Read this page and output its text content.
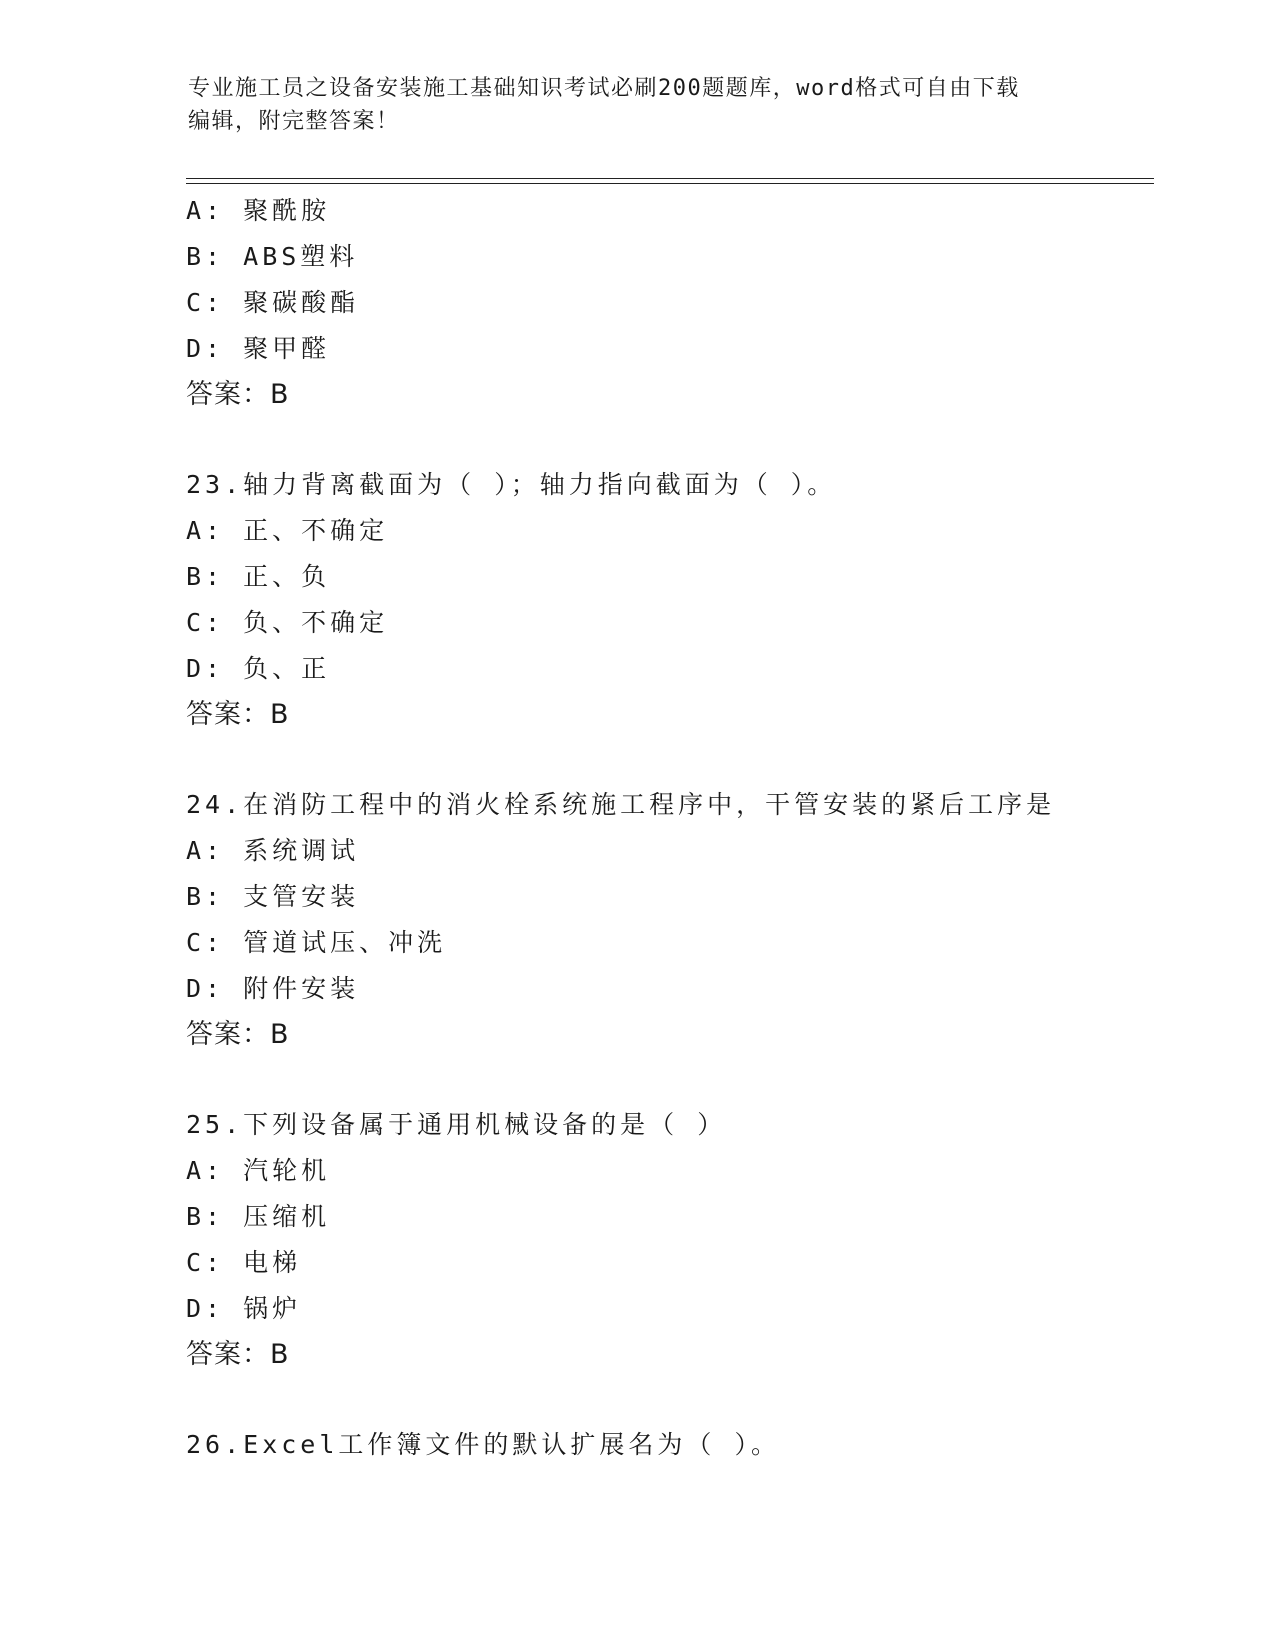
专业施工员之设备安装施工基础知识考试必刷200题题库，word格式可自由下载
编辑，附完整答案！
A: 聚酰胺
B: ABS塑料
C: 聚碳酸酯
D: 聚甲醛
答案：B
23.轴力背离截面为（ ）；轴力指向截面为（ ）。
A: 正、不确定
B: 正、负
C: 负、不确定
D: 负、正
答案：B
24.在消防工程中的消火栓系统施工程序中，干管安装的紧后工序是
A: 系统调试
B: 支管安装
C: 管道试压、冲洗
D: 附件安装
答案：B
25.下列设备属于通用机械设备的是（ ）
A: 汽轮机
B: 压缩机
C: 电梯
D: 锅炉
答案：B
26.Excel工作簿文件的默认扩展名为（ ）。
